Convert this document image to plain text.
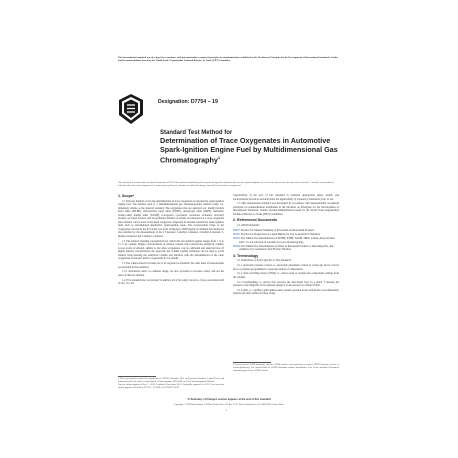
This international standard was developed in accordance with internationally recognized principles on standardization established in the Decision on Principles for the Development of International Standards, Guides and Recommendations issued by the World Trade Organization Technical Barriers to Trade (TBT) Committee.
Designation: D7754 − 19
Standard Test Method for
Determination of Trace Oxygenates in Automotive Spark-Ignition Engine Fuel by Multidimensional Gas Chromatography$^1$
This standard is issued under the fixed designation D7754; the number immediately following the designation indicates the year of original adoption or, in the case of revision, the year of last revision. A number in parentheses indicates the year of last reapproval. A superscript epsilon (ε) indicates an editorial change since the last revision or reapproval.
1. Scope*

1.1 This test method covers the determination of trace oxygenates in automotive spark-ignition engine fuel. The method used is a multidimensional gas chromatographic method using 1,2-dimethoxy ethane as the internal standard. The oxygenates that are analyzed are: methyl-tertiary butyl ether (MTBE), ethyl-tertiary butyl ether (ETBE), diisopropyl ether (DIPE), methanol, tertiary-amyl methyl ether (TAME), n-propanol, i-propanol, n-butanol, i-butanol, tert-butyl alcohol, sec-butyl alcohol, and tert-pentanol. Ethanol is usually not measured at a trace oxygenate since ethanol can be used as the main oxygenate compound in blended automotive spark-ignition fuels such as reformulated automotive spark-ignition fuels. The concentration range of the oxygenates covered in the ILS study was from 10 mg/kg to 2000 mg/kg. In addition this method is also suitable for the measurement of the C5 ketones: 2-methyl-1-butanol, 2-methyl-2-butanol, 3-methyl-2-butanol and 3-methyl-1-butanol.

1.2 The ethanol blending concentration for which this test method applies ranges from 1 % to 15 % by volume. Higher concentrations of ethanol content will overload the analytical column. Lower levels of ethanol, similar to the other oxygenates, can be calibrated and analyzed also. If higher ethanol concentrations are expected, the column loading technique can be used to avoid ethanol from entering the analytical column and interfere with the determination of the other oxygenates of interest. Refer to Appendix X1 for details.

1.3 The values stated in SI units are to be regarded as standard. No other units of measurement are included in this standard.

1.3.1 Alternative units, in common usage, are also provided to increase clarity and aid the users of this test method.

1.4 This standard does not purport to address all of the safety concerns, if any, associated with its use. It is the

1 This test method is under the jurisdiction of ASTM Committee D02 on Petroleum Products, Liquid Fuels, and Lubricants and is the direct responsibility of Subcommittee D02.04.0L on Gas Chromatography Methods.
Current edition approved Nov. 1, 2019. Published November 2019. Originally approved in 2011. Last previous edition approved in 2016 as D7754 – 16. DOI: 10.1520/D7754-19.

responsibility of the user of this standard to establish appropriate safety, health, and environmental practices and determine the applicability of regulatory limitations prior to use.

1.5 This international standard was developed in accordance with internationally recognized principles on standardization established in the Decision on Principles for the Development of International Standards, Guides and Recommendations issued by the World Trade Organization Technical Barriers to Trade (TBT) Committee.

2. Referenced Documents

2.1 ASTM Standards:

D4057 Practice for Manual Sampling of Petroleum and Petroleum Products

D4307 Practice for Preparation of Liquid Blends for Use as Analytical Standards

D4815 Test Method for Determination of MTBE, ETBE, TAME, DIPE, tertiary-Amyl Alcohol and C1 to C4 Alcohols in Gasoline by Gas Chromatography

D6304 Test Method for Determination of Water in Petroleum Products, Lubricating Oils, and Additives by Coulometric Karl Fischer Titration

3. Terminology

3.1 Definitions of Terms Specific to This Standard:

3.1.1 electronic pressure control, n—electronic pneumatic control of carrier gas flows. Can be flow or pressure programmed to speed up elution of components.

3.1.2 dean switching device (DSD), n—device used to analyze the components eluting from the column.

3.1.3 backflushing, n—device that reverses the directional flow in a union T altering the pressure at the midpoint. In its simplest design it is also known as a Dean Switch.

3.1.4 inlet, n—capillary split/splitless inlet system operated in the split mode is recommended. Operate the inlet within its linear range.

2 For referenced ASTM standards, visit the ASTM website, www.astm.org, or contact ASTM Customer Service at service@astm.org. For Annual Book of ASTM Standards volume information, refer to the standard's Document Summary page on the ASTM website.
*A Summary of Changes section appears at the end of this standard
Copyright © ASTM International, 100 Barr Harbor Drive, PO Box C700, West Conshohocken, PA 19428-2959. United States
1
